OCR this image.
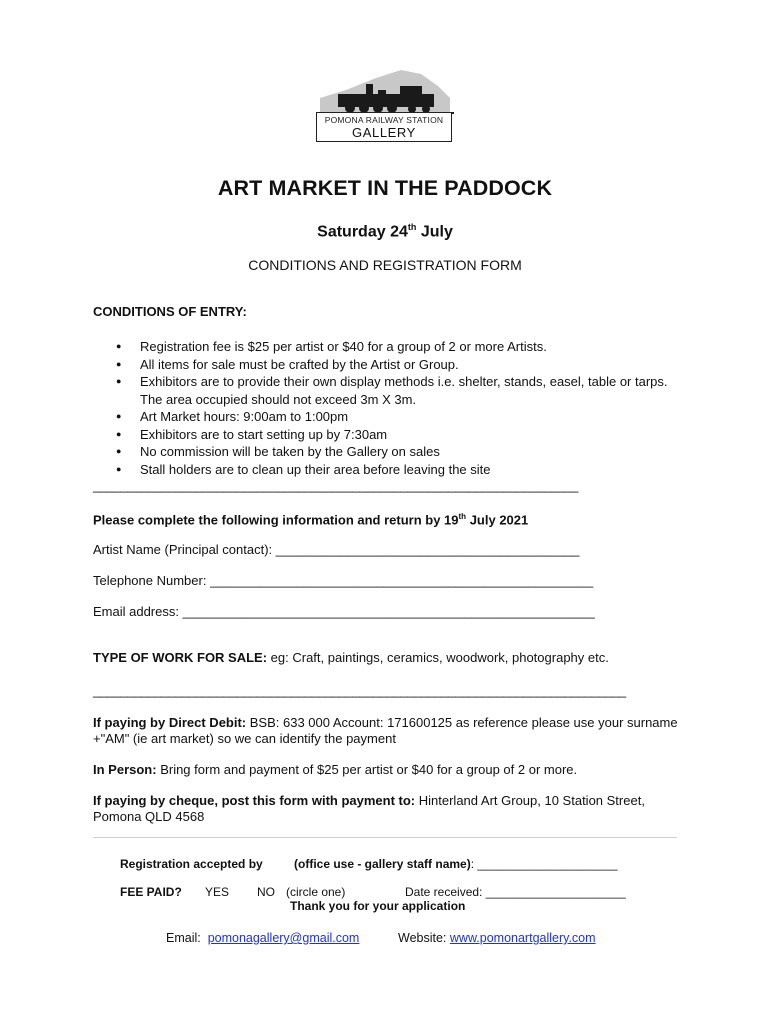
POMONA RAILWAY STATION
GALLERY
ART MARKET IN THE PADDOCK
Saturday 24th July
CONDITIONS AND REGISTRATION FORM
CONDITIONS OF ENTRY:
● Registration fee is $25 per artist or $40 for a group of 2 or more Artists.
● All items for sale must be crafted by the Artist or Group.
● Exhibitors are to provide their own display methods i.e. shelter, stands, easel, table or tarps. The area occupied should not exceed 3m X 3m.
● Art Market hours: 9:00am to 1:00pm
● Exhibitors are to start setting up by 7:30am
● No commission will be taken by the Gallery on sales
● Stall holders are to clean up their area before leaving the site
_______________________________________________________________________
Please complete the following information and return by 19th July 2021
Artist Name (Principal contact): __________________________________________
Telephone Number: _____________________________________________________
Email address: _________________________________________________________
TYPE OF WORK FOR SALE: eg: Craft, paintings, ceramics, woodwork, photography etc.
______________________________________________________________________________
If paying by Direct Debit: BSB: 633 000 Account: 171600125 as reference please use your surname +"AM" (ie art market) so we can identify the payment
In Person: Bring form and payment of $25 per artist or $40 for a group of 2 or more.
If paying by cheque, post this form with payment to: Hinterland Art Group, 10 Station Street, Pomona QLD 4568
Registration accepted by	(office use - gallery staff name): _____________________
FEE PAID? YES NO (circle one)	Date received: _____________________
Thank you for your application
Email: pomonagallery@gmail.com	Website: www.pomonartgallery.com
